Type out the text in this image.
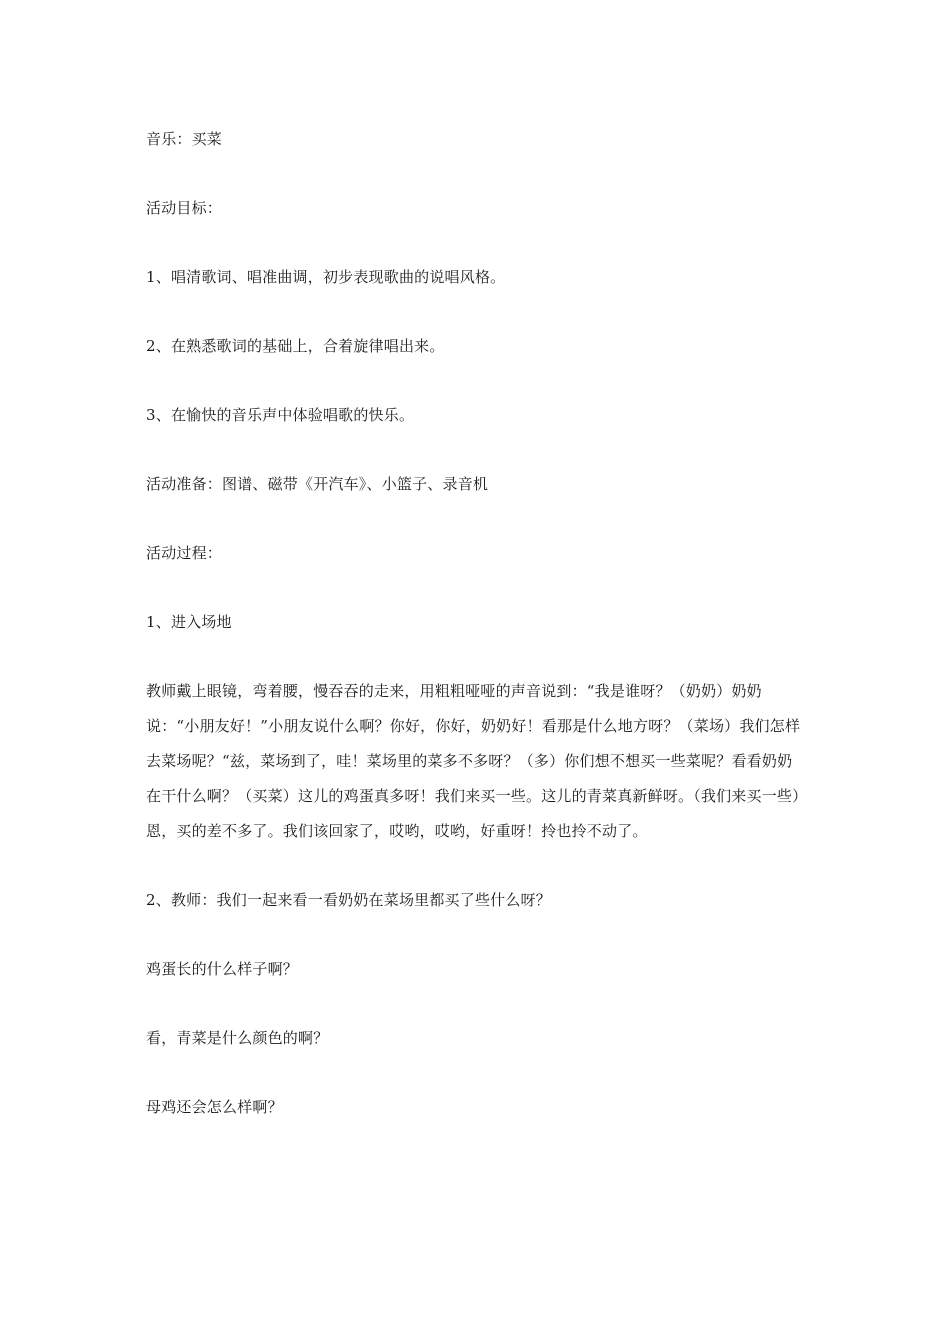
音乐：买菜

活动目标：

1、唱清歌词、唱准曲调，初步表现歌曲的说唱风格。

2、在熟悉歌词的基础上，合着旋律唱出来。

3、在愉快的音乐声中体验唱歌的快乐。

活动准备：图谱、磁带《开汽车》、小篮子、录音机

活动过程：

1、进入场地

教师戴上眼镜，弯着腰，慢吞吞的走来，用粗粗哑哑的声音说到：“我是谁呀？（奶奶）奶奶说：“小朋友好！”小朋友说什么啊？你好，你好，奶奶好！看那是什么地方呀？（菜场）我们怎样去菜场呢？“兹，菜场到了，哇！菜场里的菜多不多呀？（多）你们想不想买一些菜呢？看看奶奶在干什么啊？（买菜）这儿的鸡蛋真多呀！我们来买一些。这儿的青菜真新鲜呀。（我们来买一些）恩，买的差不多了。我们该回家了，哎哟，哎哟，好重呀！拎也拎不动了。

2、教师：我们一起来看一看奶奶在菜场里都买了些什么呀？

鸡蛋长的什么样子啊？

看，青菜是什么颜色的啊？

母鸡还会怎么样啊？
